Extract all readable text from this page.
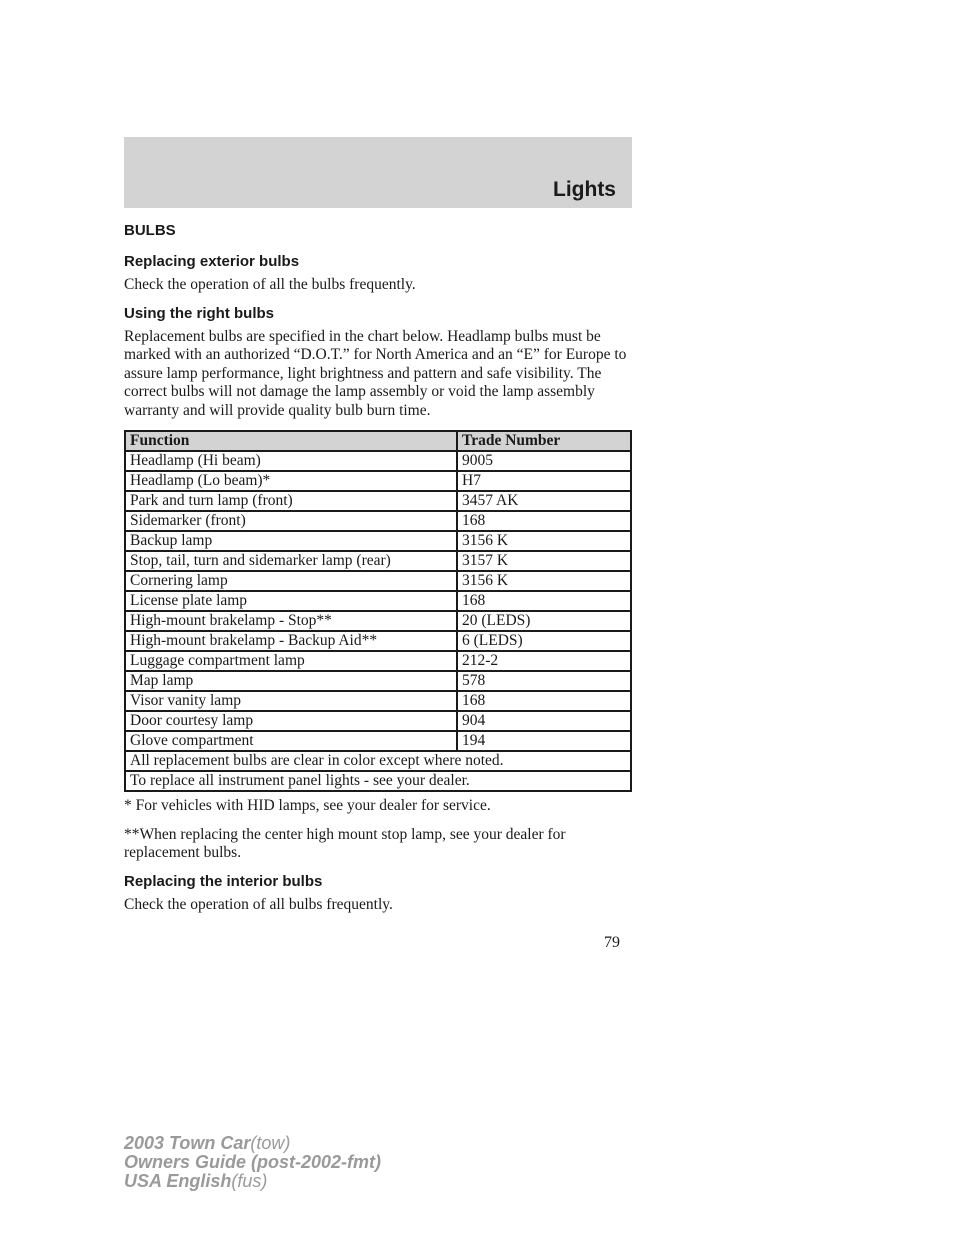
Lights
BULBS
Replacing exterior bulbs

Check the operation of all the bulbs frequently.

Using the right bulbs

Replacement bulbs are specified in the chart below. Headlamp bulbs must be marked with an authorized “D.O.T.” for North America and an “E” for Europe to assure lamp performance, light brightness and pattern and safe visibility. The correct bulbs will not damage the lamp assembly or void the lamp assembly warranty and will provide quality bulb burn time.

Function	Trade Number
Headlamp (Hi beam)	9005
Headlamp (Lo beam)*	H7
Park and turn lamp (front)	3457 AK
Sidemarker (front)	168
Backup lamp	3156 K
Stop, tail, turn and sidemarker lamp (rear)	3157 K
Cornering lamp	3156 K
License plate lamp	168
High-mount brakelamp - Stop**	20 (LEDS)
High-mount brakelamp - Backup Aid**	6 (LEDS)
Luggage compartment lamp	212-2
Map lamp	578
Visor vanity lamp	168
Door courtesy lamp	904
Glove compartment	194
All replacement bulbs are clear in color except where noted.	
To replace all instrument panel lights - see your dealer.	

* For vehicles with HID lamps, see your dealer for service.

**When replacing the center high mount stop lamp, see your dealer for replacement bulbs.

Replacing the interior bulbs

Check the operation of all bulbs frequently.

79
2003 Town Car(tow)
Owners Guide (post-2002-fmt)
USA English(fus)
